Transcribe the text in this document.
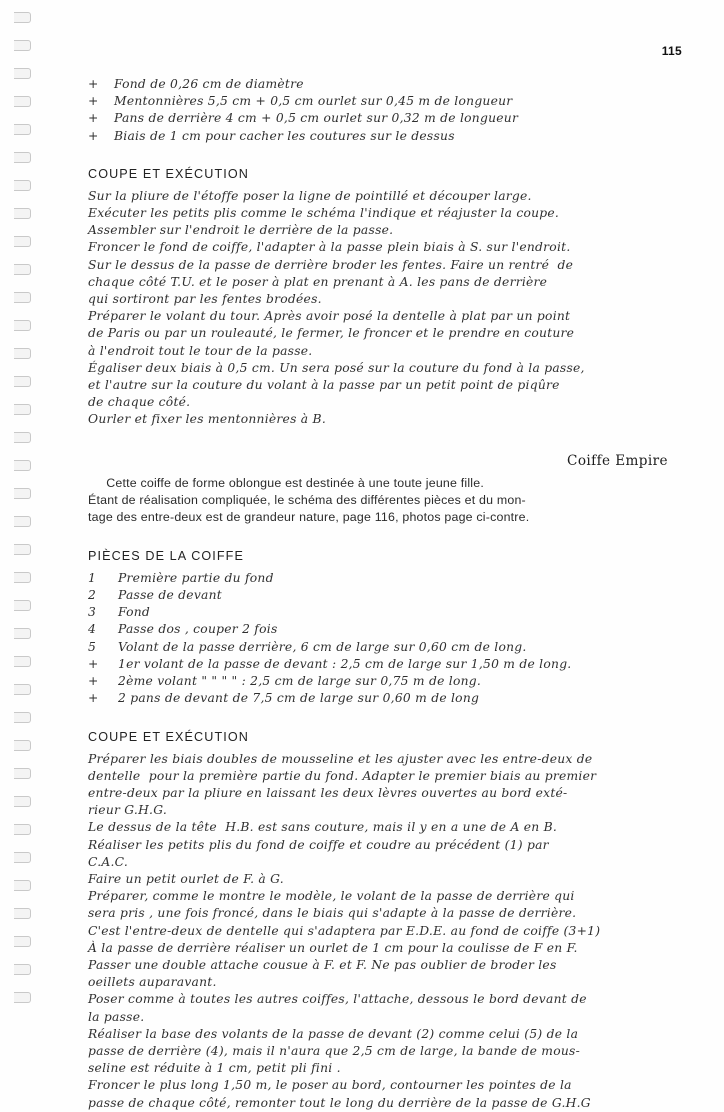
115
+	Fond de 0,26 cm de diamètre
+	Mentonnières 5,5 cm + 0,5 cm ourlet sur 0,45 m de longueur
+	Pans de derrière 4 cm + 0,5 cm ourlet sur 0,32 m de longueur
+	Biais de 1 cm pour cacher les coutures sur le dessus
COUPE ET EXÉCUTION
Sur la pliure de l'étoffe poser la ligne de pointillé et découper large.
Exécuter les petits plis comme le schéma l'indique et réajuster la coupe.
Assembler sur l'endroit le derrière de la passe.
Froncer le fond de coiffe, l'adapter à la passe plein biais à S. sur l'endroit.
Sur le dessus de la passe de derrière broder les fentes. Faire un rentré  de
chaque côté T.U. et le poser à plat en prenant à A. les pans de derrière
qui sortiront par les fentes brodées.
Préparer le volant du tour. Après avoir posé la dentelle à plat par un point
de Paris ou par un rouleauté, le fermer, le froncer et le prendre en couture
à l'endroit tout le tour de la passe.
Égaliser deux biais à 0,5 cm. Un sera posé sur la couture du fond à la passe,
et l'autre sur la couture du volant à la passe par un petit point de piqûre
de chaque côté.
Ourler et fixer les mentonnières à B.
Coiffe Empire
Cette coiffe de forme oblongue est destinée à une toute jeune fille.
Étant de réalisation compliquée, le schéma des différentes pièces et du mon-
tage des entre-deux est de grandeur nature, page 116, photos page ci-contre.
PIÈCES DE LA COIFFE
1	Première partie du fond
2	Passe de devant
3	Fond
4	Passe dos , couper 2 fois
5	Volant de la passe derrière, 6 cm de large sur 0,60 cm de long.
+	1er volant de la passe de devant : 2,5 cm de large sur 1,50 m de long.
+	2ème volant " " " " : 2,5 cm de large sur 0,75 m de long.
+	2 pans de devant de 7,5 cm de large sur 0,60 m de long
COUPE ET EXÉCUTION
Préparer les biais doubles de mousseline et les ajuster avec les entre-deux de
dentelle  pour la première partie du fond. Adapter le premier biais au premier
entre-deux par la pliure en laissant les deux lèvres ouvertes au bord exté-
rieur G.H.G.
Le dessus de la tête  H.B. est sans couture, mais il y en a une de A en B.
Réaliser les petits plis du fond de coiffe et coudre au précédent (1) par
C.A.C.
Faire un petit ourlet de F. à G.
Préparer, comme le montre le modèle, le volant de la passe de derrière qui
sera pris , une fois froncé, dans le biais qui s'adapte à la passe de derrière.
C'est l'entre-deux de dentelle qui s'adaptera par E.D.E. au fond de coiffe (3+1)
À la passe de derrière réaliser un ourlet de 1 cm pour la coulisse de F en F.
Passer une double attache cousue à F. et F. Ne pas oublier de broder les
oeillets auparavant.
Poser comme à toutes les autres coiffes, l'attache, dessous le bord devant de
la passe.
Réaliser la base des volants de la passe de devant (2) comme celui (5) de la
passe de derrière (4), mais il n'aura que 2,5 cm de large, la bande de mous-
seline est réduite à 1 cm, petit pli fini .
Froncer le plus long 1,50 m, le poser au bord, contourner les pointes de la
passe de chaque côté, remonter tout le long du derrière de la passe de G.H.G
